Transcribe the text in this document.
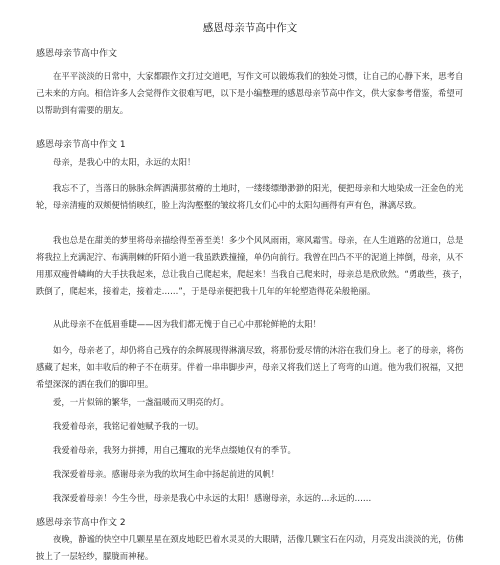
感恩母亲节高中作文
感恩母亲节高中作文

在平平淡淡的日常中，大家都跟作文打过交道吧，写作文可以锻炼我们的独处习惯，让自己的心静下来，思考自己未来的方向。相信许多人会觉得作文很难写吧，以下是小编整理的感恩母亲节高中作文，供大家参考借鉴，希望可以帮助到有需要的朋友。

感恩母亲节高中作文 1

母亲，是我心中的太阳，永远的太阳！

我忘不了，当落日的脉脉余辉洒满那贫瘠的土地时，一缕缕缥缈渺渺的阳光，便把母亲和大地染成一汪金色的光轮，母亲清瘦的双颊便悄悄映红，脸上沟沟壑壑的皱纹将几女们心中的太阳勾画得有声有色，淋漓尽致。

我也总是在甜美的梦里将母亲描绘得至善至美！多少个风风雨雨，寒风霜雪。母亲，在人生道路的岔道口，总是将我拉上充满泥泞、布满荆棘的阡陌小道一我虽跌跌撞撞，单仍向前行。我曾在凹凸不平的泥道上摔倒，母亲，从不用那双瘦骨嶙峋的大手扶我起来，总让我自己爬起来，爬起来！当我自己爬来时，母亲总是欣欣然。“勇敢些，孩子，跌倒了，爬起来，接着走，接着走……”，于是母亲便把我十几年的年轮塑造得花朵般艳丽。

从此母亲不在低眉垂睫——因为我们都无愧于自己心中那轮鲜艳的太阳！

如今，母亲老了，却仍将自己残存的余辉展现得淋漓尽致，将那份爱尽情的沐浴在我们身上。老了的母亲，将伤感藏了起来，如丰收后的种子不在萌芽。伴着一串串脚步声，母亲又将我们送上了弯弯的山道。他为我们祝福，又把希望深深的洒在我们的脚印里。

爱，一片似锦的繁华，一盏温暖而又明亮的灯。

我爱着母亲，我铭记着她赋予我的一切。

我爱着母亲，我努力拼搏，用自己攫取的光华点缀她仅有的季节。

我深爱着母亲。感谢母亲为我的坎坷生命中扬起前进的风帆！

我深爱着母亲！今生今世，母亲是我心中永远的太阳！感谢母亲，永远的…永远的……

感恩母亲节高中作文 2

夜晚，静谧的快空中几颗星星在颈皮地眨巴着水灵灵的大眼睛，活像几颗宝石在闪动，月亮发出淡淡的光，仿佛披上了一层轻纱，朦胧而神秘。
